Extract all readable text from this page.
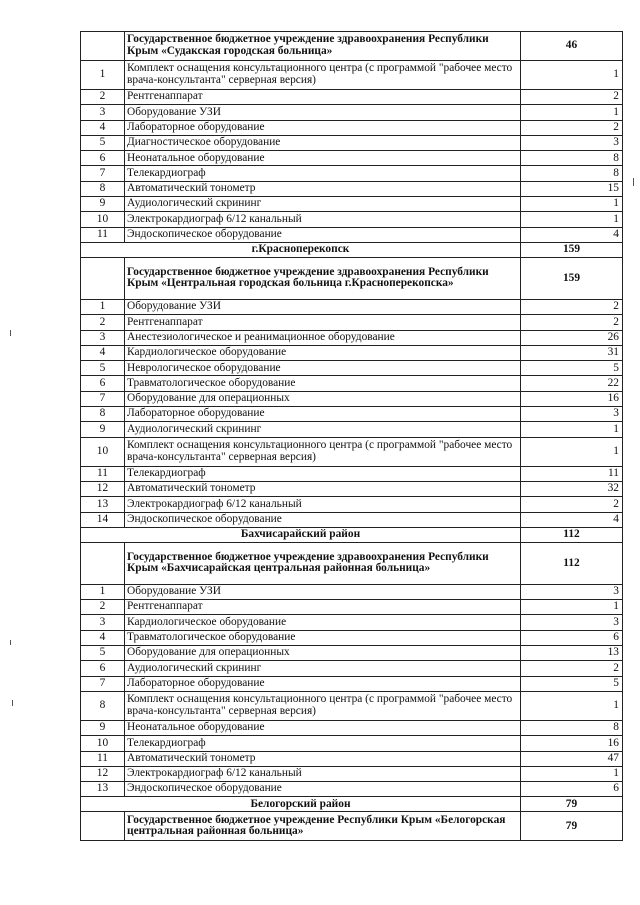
	Государственное бюджетное учреждение здравоохранения Республики Крым «Судакская городская больница»	46
1	Комплект оснащения консультационного центра (с программой "рабочее место врача-консультанта" серверная версия)	1
2	Рентгенаппарат	2
3	Оборудование УЗИ	1
4	Лабораторное оборудование	2
5	Диагностическое оборудование	3
6	Неонатальное оборудование	8
7	Телекардиограф	8
8	Автоматический тонометр	15
9	Аудиологический скрининг	1
10	Электрокардиограф 6/12 канальный	1
11	Эндоскопическое оборудование	4
г.Красноперекопск		159
	Государственное бюджетное учреждение здравоохранения Республики Крым «Центральная городская больница г.Красноперекопска»	159
1	Оборудование УЗИ	2
2	Рентгенаппарат	2
3	Анестезиологическое и реанимационное оборудование	26
4	Кардиологическое оборудование	31
5	Неврологическое оборудование	5
6	Травматологическое оборудование	22
7	Оборудование для операционных	16
8	Лабораторное оборудование	3
9	Аудиологический скрининг	1
10	Комплект оснащения консультационного центра (с программой "рабочее место врача-консультанта" серверная версия)	1
11	Телекардиограф	11
12	Автоматический тонометр	32
13	Электрокардиограф 6/12 канальный	2
14	Эндоскопическое оборудование	4
Бахчисарайский район		112
	Государственное бюджетное учреждение здравоохранения Республики Крым «Бахчисарайская центральная районная больница»	112
1	Оборудование УЗИ	3
2	Рентгенаппарат	1
3	Кардиологическое оборудование	3
4	Травматологическое оборудование	6
5	Оборудование для операционных	13
6	Аудиологический скрининг	2
7	Лабораторное оборудование	5
8	Комплект оснащения консультационного центра (с программой "рабочее место врача-консультанта" серверная версия)	1
9	Неонатальное оборудование	8
10	Телекардиограф	16
11	Автоматический тонометр	47
12	Электрокардиограф 6/12 канальный	1
13	Эндоскопическое оборудование	6
Белогорский район		79
	Государственное бюджетное учреждение Республики Крым «Белогорская центральная районная больница»	79
